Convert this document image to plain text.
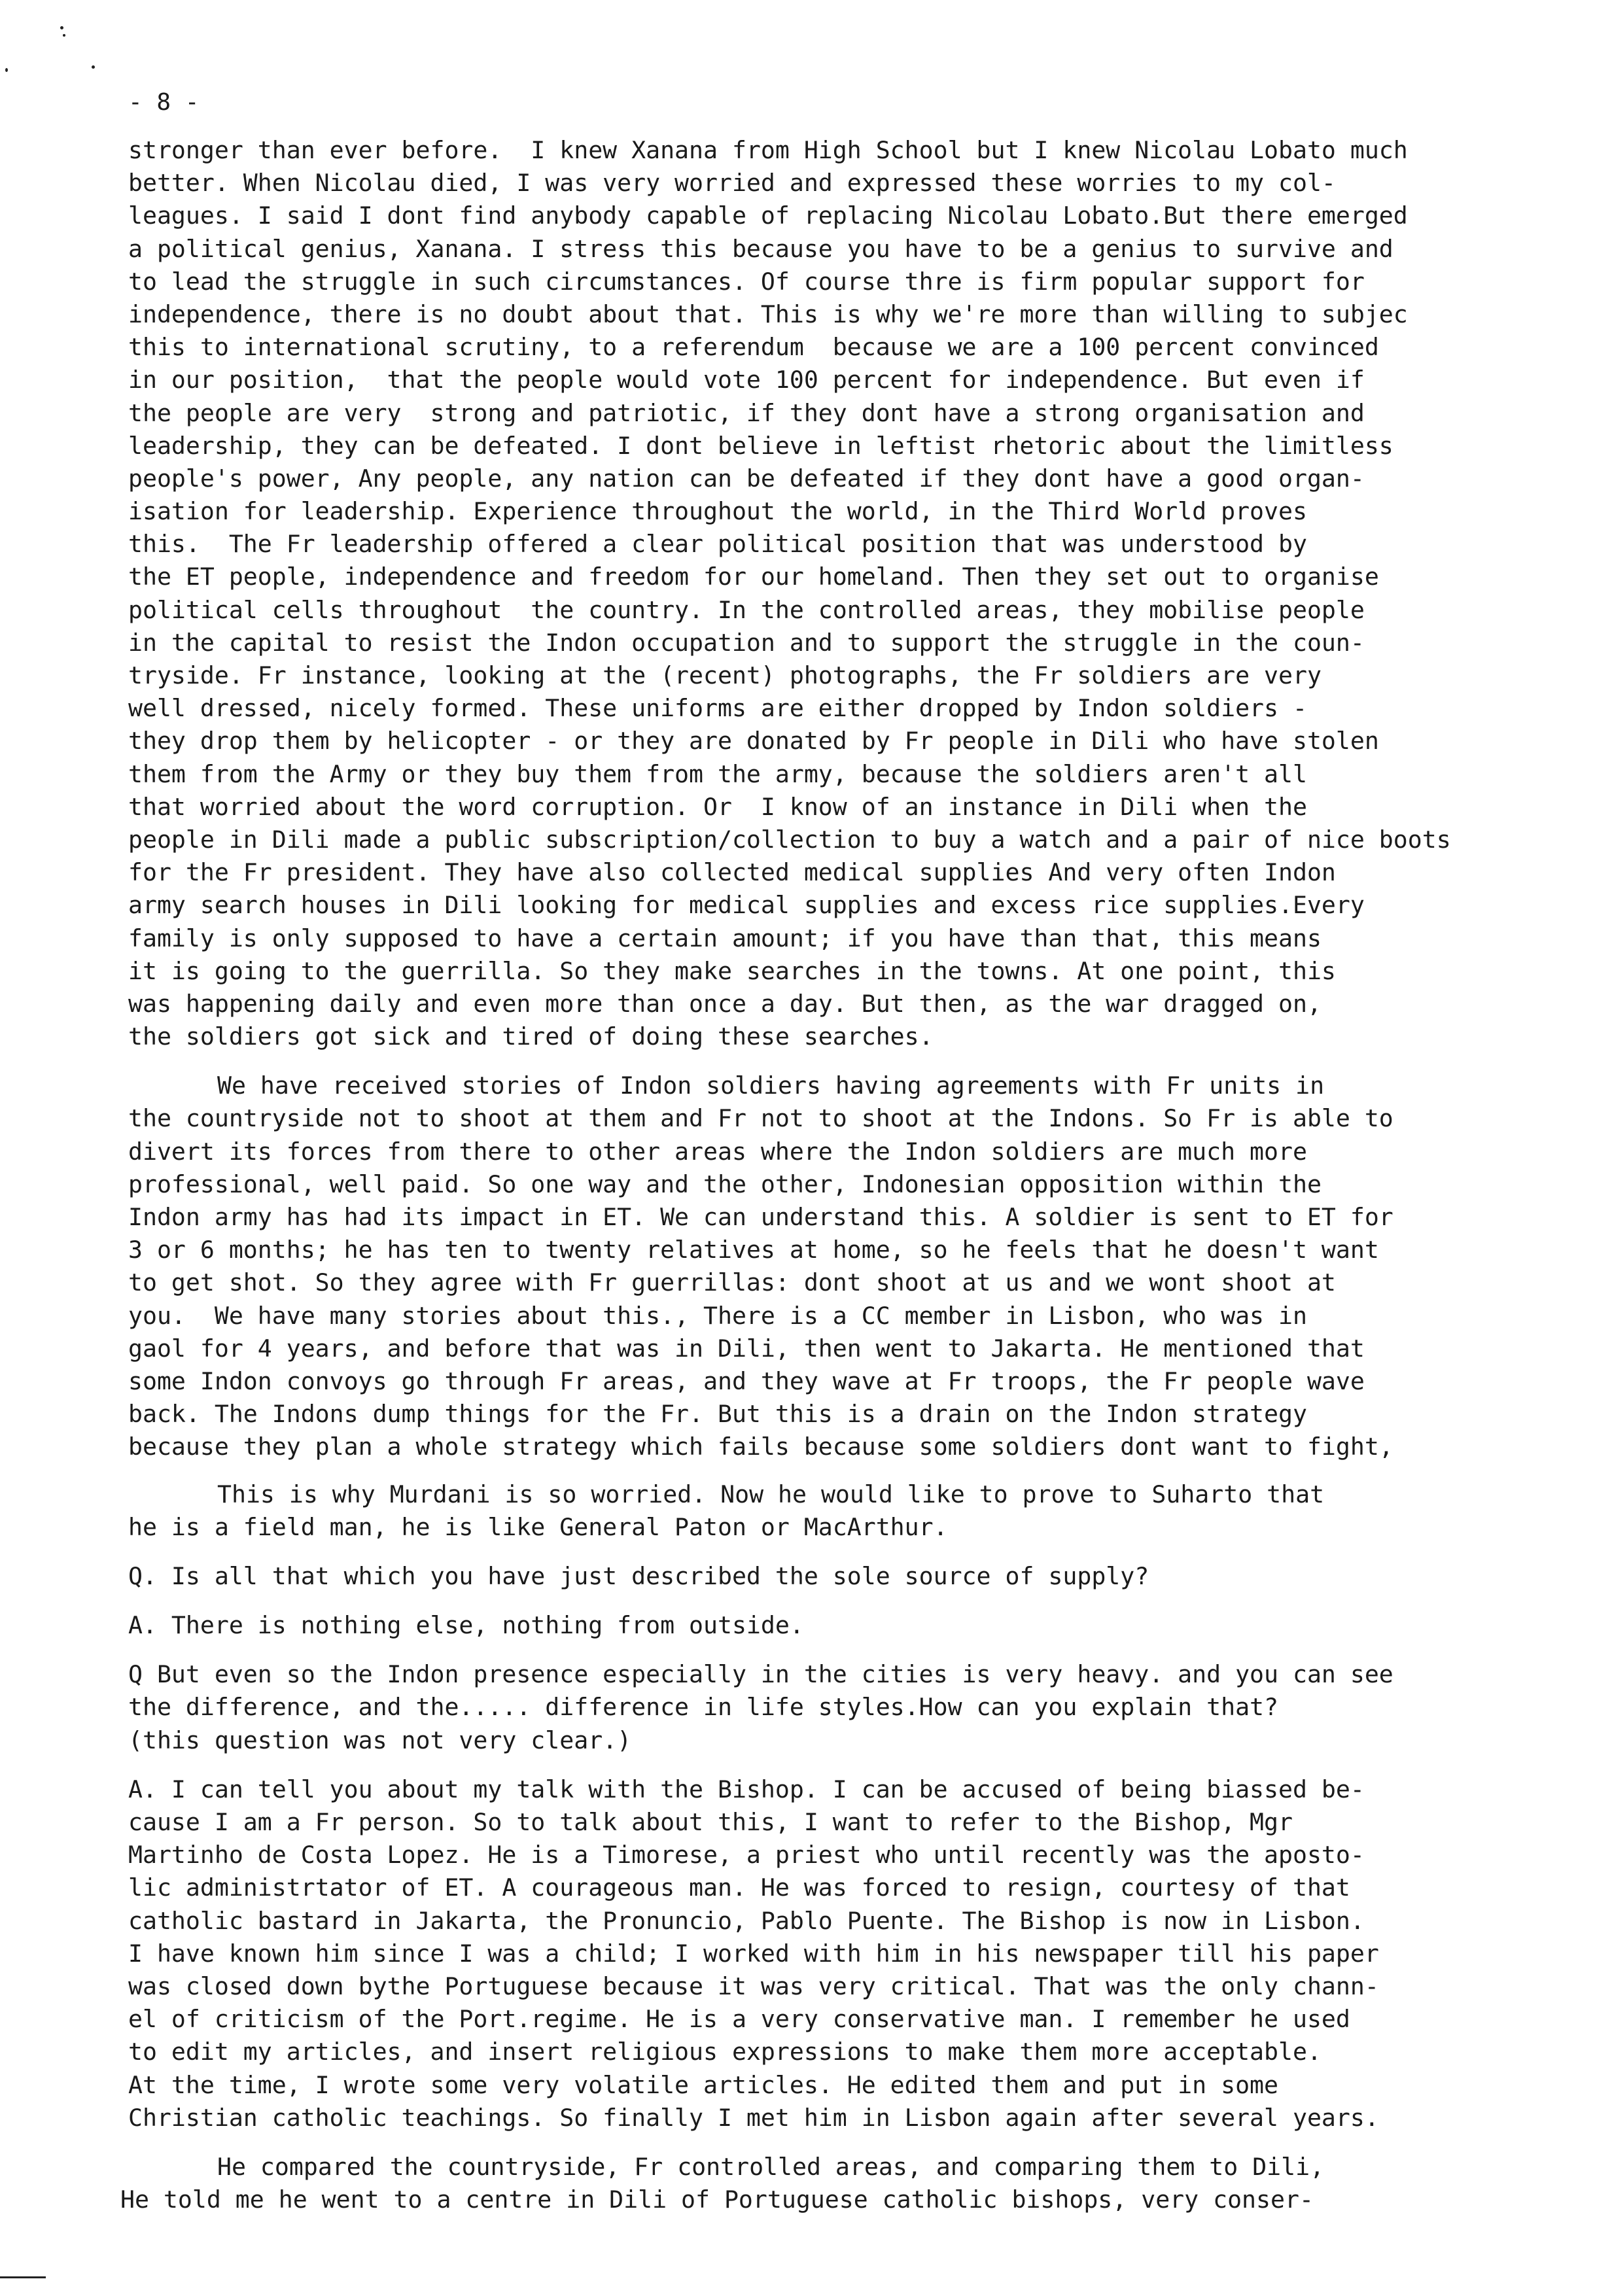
- 8 -
stronger than ever before.  I knew Xanana from High School but I knew Nicolau Lobato much
better. When Nicolau died, I was very worried and expressed these worries to my col-
leagues. I said I dont find anybody capable of replacing Nicolau Lobato.But there emerged
a political genius, Xanana. I stress this because you have to be a genius to survive and
to lead the struggle in such circumstances. Of course thre is firm popular support for
independence, there is no doubt about that. This is why we're more than willing to subjec
this to international scrutiny, to a referendum  because we are a 100 percent convinced
in our position,  that the people would vote 100 percent for independence. But even if
the people are very  strong and patriotic, if they dont have a strong organisation and
leadership, they can be defeated. I dont believe in leftist rhetoric about the limitless
people's power, Any people, any nation can be defeated if they dont have a good organ-
isation for leadership. Experience throughout the world, in the Third World proves
this.  The Fr leadership offered a clear political position that was understood by
the ET people, independence and freedom for our homeland. Then they set out to organise
political cells throughout  the country. In the controlled areas, they mobilise people
in the capital to resist the Indon occupation and to support the struggle in the coun-
tryside. Fr instance, looking at the (recent) photographs, the Fr soldiers are very
well dressed, nicely formed. These uniforms are either dropped by Indon soldiers -
they drop them by helicopter - or they are donated by Fr people in Dili who have stolen
them from the Army or they buy them from the army, because the soldiers aren't all
that worried about the word corruption. Or  I know of an instance in Dili when the
people in Dili made a public subscription/collection to buy a watch and a pair of nice boots
for the Fr president. They have also collected medical supplies And very often Indon
army search houses in Dili looking for medical supplies and excess rice supplies.Every
family is only supposed to have a certain amount; if you have than that, this means
it is going to the guerrilla. So they make searches in the towns. At one point, this
was happening daily and even more than once a day. But then, as the war dragged on,
the soldiers got sick and tired of doing these searches.
We have received stories of Indon soldiers having agreements with Fr units in
the countryside not to shoot at them and Fr not to shoot at the Indons. So Fr is able to
divert its forces from there to other areas where the Indon soldiers are much more
professional, well paid. So one way and the other, Indonesian opposition within the
Indon army has had its impact in ET. We can understand this. A soldier is sent to ET for
3 or 6 months; he has ten to twenty relatives at home, so he feels that he doesn't want
to get shot. So they agree with Fr guerrillas: dont shoot at us and we wont shoot at
you.  We have many stories about this., There is a CC member in Lisbon, who was in
gaol for 4 years, and before that was in Dili, then went to Jakarta. He mentioned that
some Indon convoys go through Fr areas, and they wave at Fr troops, the Fr people wave
back. The Indons dump things for the Fr. But this is a drain on the Indon strategy
because they plan a whole strategy which fails because some soldiers dont want to fight,
This is why Murdani is so worried. Now he would like to prove to Suharto that
he is a field man, he is like General Paton or MacArthur.
Q. Is all that which you have just described the sole source of supply?
A. There is nothing else, nothing from outside.
Q But even so the Indon presence especially in the cities is very heavy. and you can see
the difference, and the..... difference in life styles.How can you explain that?
(this question was not very clear.)
A. I can tell you about my talk with the Bishop. I can be accused of being biassed be-
cause I am a Fr person. So to talk about this, I want to refer to the Bishop, Mgr
Martinho de Costa Lopez. He is a Timorese, a priest who until recently was the aposto-
lic administrtator of ET. A courageous man. He was forced to resign, courtesy of that
catholic bastard in Jakarta, the Pronuncio, Pablo Puente. The Bishop is now in Lisbon.
I have known him since I was a child; I worked with him in his newspaper till his paper
was closed down bythe Portuguese because it was very critical. That was the only chann-
el of criticism of the Port.regime. He is a very conservative man. I remember he used
to edit my articles, and insert religious expressions to make them more acceptable.
At the time, I wrote some very volatile articles. He edited them and put in some
Christian catholic teachings. So finally I met him in Lisbon again after several years.
He compared the countryside, Fr controlled areas, and comparing them to Dili,
He told me he went to a centre in Dili of Portuguese catholic bishops, very conser-
